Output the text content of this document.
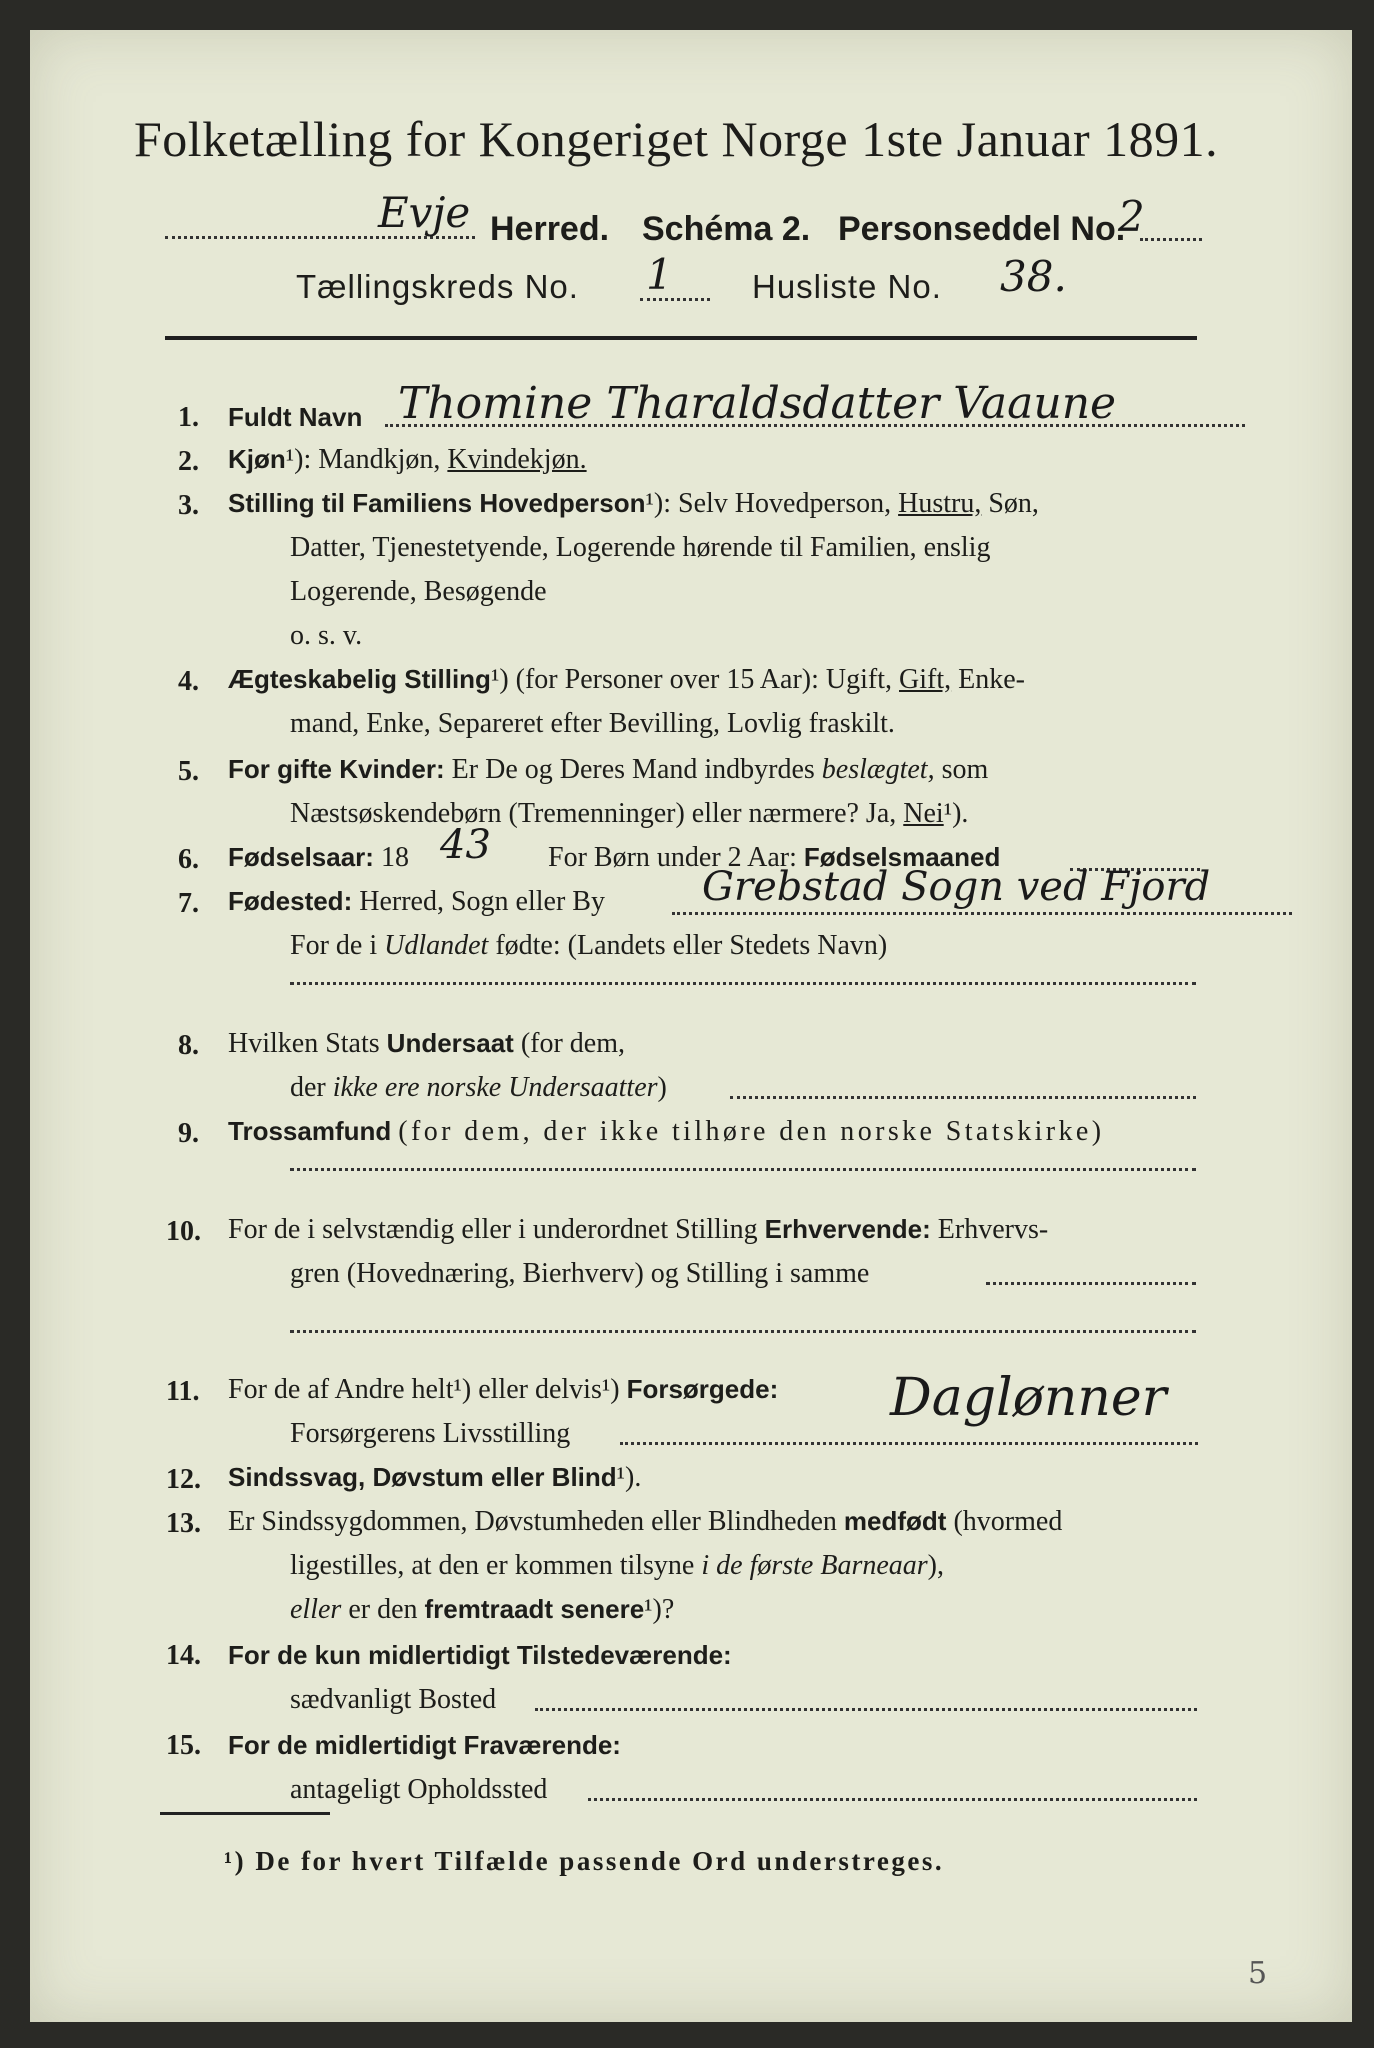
Folketælling for Kongeriget Norge 1ste Januar 1891.
Evje Herred. Schéma 2. Personseddel No.
2
Tællingskreds No. 1 Husliste No. 38.
1. Fuldt Navn Thomine Tharaldsdatter Vaaune
2. Kjøn¹): Mandkjøn, Kvindekjøn.
3. Stilling til Familiens Hovedperson¹): Selv Hovedperson, Hustru, Søn,
Datter, Tjenestetyende, Logerende hørende til Familien, enslig
Logerende, Besøgende
o. s. v.
4. Ægteskabelig Stilling¹) (for Personer over 15 Aar): Ugift, Gift, Enke-
mand, Enke, Separeret efter Bevilling, Lovlig fraskilt.
5. For gifte Kvinder: Er De og Deres Mand indbyrdes beslægtet, som
Næstsøskendebørn (Tremenninger) eller nærmere? Ja, Nei¹).
6. Fødselsaar: 18 43 For Børn under 2 Aar: Fødselsmaaned
7. Fødested: Herred, Sogn eller By Grebstad Sogn ved Fjord
For de i Udlandet fødte: (Landets eller Stedets Navn)
8. Hvilken Stats Undersaat (for dem,
der ikke ere norske Undersaatter)
9. Trossamfund (for dem, der ikke tilhøre den norske Statskirke)
10. For de i selvstændig eller i underordnet Stilling Erhvervende: Erhvervs-
gren (Hovednæring, Bierhverv) og Stilling i samme
11. For de af Andre helt¹) eller delvis¹) Forsørgede:
Forsørgerens Livsstilling
Daglønner
12. Sindssvag, Døvstum eller Blind¹).
13. Er Sindssygdommen, Døvstumheden eller Blindheden medfødt (hvormed
ligestilles, at den er kommen tilsyne i de første Barneaar),
eller er den fremtraadt senere¹)?
14. For de kun midlertidigt Tilstedeværende:
sædvanligt Bosted
15. For de midlertidigt Fraværende:
antageligt Opholdssted
¹) De for hvert Tilfælde passende Ord understreges.
5
